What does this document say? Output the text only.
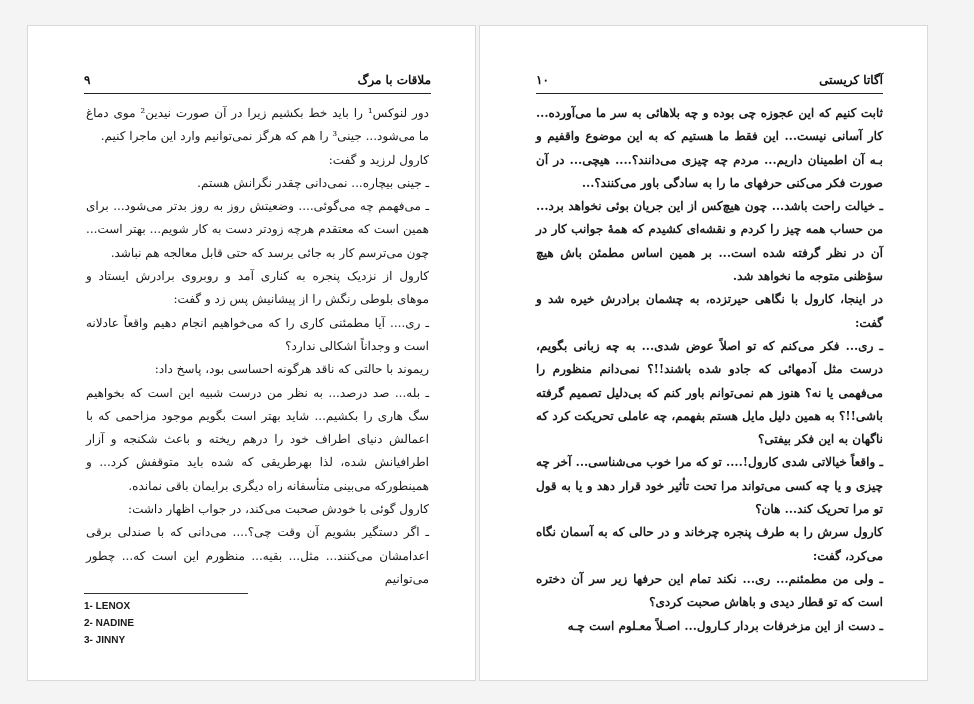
ملاقات با مرگ
۹

دور لنوکس¹ را باید خط بکشیم زیرا در آن صورت نیدین² موی دماغ ما می‌شود... جینی³ را هم که هرگز نمی‌توانیم وارد این ماجرا کنیم.

کارول لرزید و گفت:

ـ جینی بیچاره... نمی‌دانی چقدر نگرانش هستم.

ـ می‌فهمم چه می‌گوئی.... وضعیتش روز به روز بدتر می‌شود... برای همین است که معتقدم هرچه زودتر دست به کار شویم... بهتر است... چون می‌ترسم کار به جائی برسد که حتی قابل معالجه هم نباشد.

کارول از نزدیک پنجره به کناری آمد و روبروی برادرش ایستاد و موهای بلوطی رنگش را از پیشانیش پس زد و گفت:

ـ ری.... آیا مطمئنی کاری را که می‌خواهیم انجام دهیم واقعاً عادلانه است و وجداناً اشکالی ندارد؟

ریموند با حالتی که ناقد هرگونه احساسی بود، پاسخ داد:

ـ بله... صد درصد... به نظر من درست شبیه این است که بخواهیم سگ هاری را بکشیم... شاید بهتر است بگویم موجود مزاحمی که با اعمالش دنیای اطراف خود را درهم ریخته و باعث شکنجه و آزار اطرافیانش شده، لذا بهرطریقی که شده باید متوقفش کرد... و همینطورکه می‌بینی متأسفانه راه دیگری برایمان باقی نمانده.

کارول گوئی با خودش صحبت می‌کند، در جواب اظهار داشت:

ـ اگر دستگیر بشویم آن وقت چی؟.... می‌دانی که با صندلی برقی اعدامشان می‌کنند... مثل... بقیه... منظورم این است که... چطور می‌توانیم

1- LENOX
2- NADINE
3- JINNY
آگاتا کریستی
۱۰

ثابت کنیم که این عجوزه چی بوده و چه بلاهائی به سر ما می‌آورده... کار آسانی نیست... این فقط ما هستیم که به این موضوع واقفیم و بـه آن اطمینان داریم... مردم چه چیزی می‌دانند؟.... هیچی... در آن صورت فکر می‌کنی حرفهای ما را به سادگی باور می‌کنند؟...

ـ خیالت راحت باشد... چون هیچ‌کس از این جریان بوئی نخواهد برد... من حساب همه چیز را کردم و نقشه‌ای کشیدم که همهٔ جوانب کار در آن در نظر گرفته شده است... بر همین اساس مطمئن باش هیچ سؤظنی متوجه ما نخواهد شد.

در اینجا، کارول با نگاهی حیرتزده، به چشمان برادرش خیره شد و گفت:

ـ ری... فکر می‌کنم که تو اصلاً عوض شدی... به چه زبانی بگویم، درست مثل آدمهائی که جادو شده باشند!!؟ نمی‌دانم منظورم را می‌فهمی یا نه؟ هنوز هم نمی‌توانم باور کنم که بی‌دلیل تصمیم گرفته باشی!!؟ به همین دلیل مایل هستم بفهمم، چه عاملی تحریکت کرد که ناگهان به این فکر بیفتی؟

ـ واقعاً خیالاتی شدی کارول!.... تو که مرا خوب می‌شناسی... آخر چه چیزی و یا چه کسی می‌تواند مرا تحت تأثیر خود قرار دهد و یا به قول تو مرا تحریک کند... هان؟

کارول سرش را به طرف پنجره چرخاند و در حالی که به آسمان نگاه می‌کرد، گفت:

ـ ولی من مطمئنم... ری... نکند تمام این حرفها زیر سر آن دختره است که تو قطار دیدی و باهاش صحبت کردی؟

ـ دست از این مزخرفات بردار کـارول... اصـلاً معـلوم است چـه
